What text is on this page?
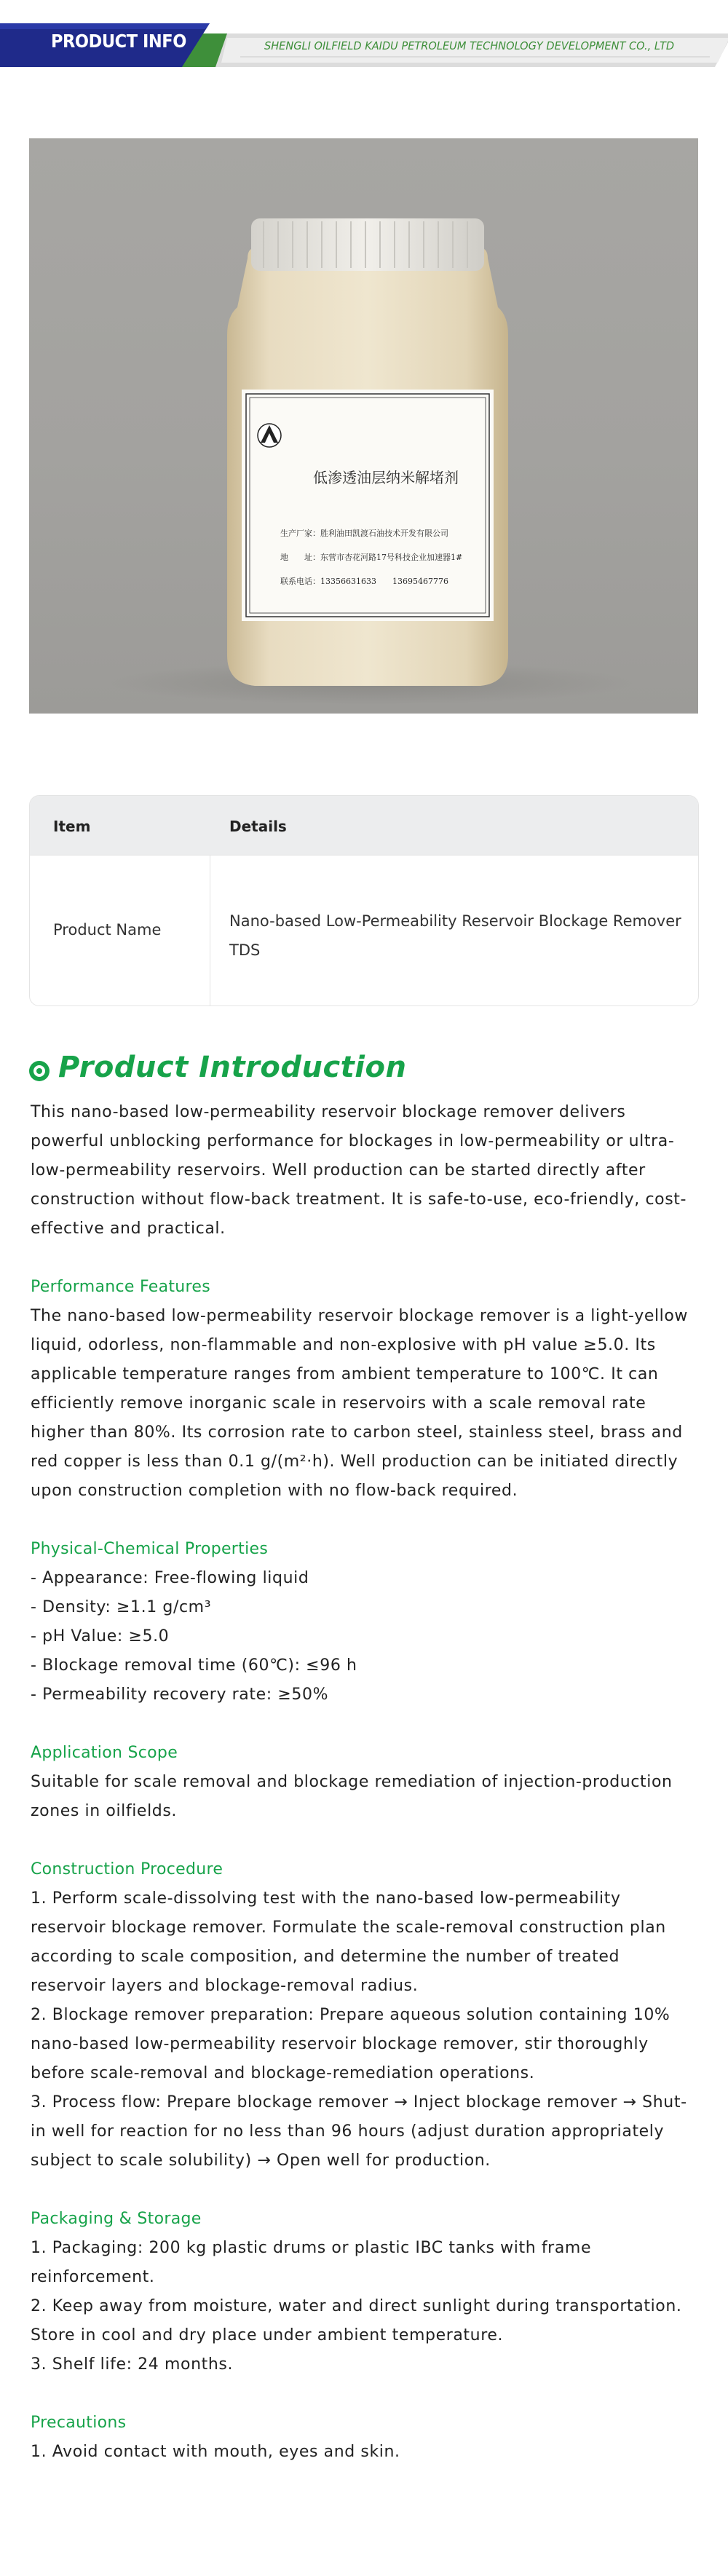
PRODUCT INFO	SHENGLI OILFIELD KAIDU PETROLEUM TECHNOLOGY DEVELOPMENT CO., LTD
低渗透油层纳米解堵剂
生产厂家：胜利油田凯渡石油技术开发有限公司
地　　址：东营市杏花河路17号科技企业加速器1#
联系电话：13356631633　　13695467776
Item	Details
Product Name	Nano-based Low-Permeability Reservoir Blockage Remover TDS
Product Introduction

This nano-based low-permeability reservoir blockage remover delivers powerful unblocking performance for blockages in low-permeability or ultra-low-permeability reservoirs. Well production can be started directly after construction without flow-back treatment. It is safe-to-use, eco-friendly, cost-effective and practical.

Performance Features

The nano-based low-permeability reservoir blockage remover is a light-yellow liquid, odorless, non-flammable and non-explosive with pH value ≥5.0. Its applicable temperature ranges from ambient temperature to 100℃. It can efficiently remove inorganic scale in reservoirs with a scale removal rate higher than 80%. Its corrosion rate to carbon steel, stainless steel, brass and red copper is less than 0.1 g/(m²·h). Well production can be initiated directly upon construction completion with no flow-back required.

Physical-Chemical Properties

- Appearance: Free-flowing liquid

- Density: ≥1.1 g/cm³

- pH Value: ≥5.0

- Blockage removal time (60℃): ≤96 h

- Permeability recovery rate: ≥50%

Application Scope

Suitable for scale removal and blockage remediation of injection-production zones in oilfields.

Construction Procedure

1. Perform scale-dissolving test with the nano-based low-permeability reservoir blockage remover. Formulate the scale-removal construction plan according to scale composition, and determine the number of treated reservoir layers and blockage-removal radius.

2. Blockage remover preparation: Prepare aqueous solution containing 10% nano-based low-permeability reservoir blockage remover, stir thoroughly before scale-removal and blockage-remediation operations.

3. Process flow: Prepare blockage remover → Inject blockage remover → Shut-in well for reaction for no less than 96 hours (adjust duration appropriately subject to scale solubility) → Open well for production.

Packaging & Storage

1. Packaging: 200 kg plastic drums or plastic IBC tanks with frame reinforcement.

2. Keep away from moisture, water and direct sunlight during transportation. Store in cool and dry place under ambient temperature.

3. Shelf life: 24 months.

Precautions

1. Avoid contact with mouth, eyes and skin.
